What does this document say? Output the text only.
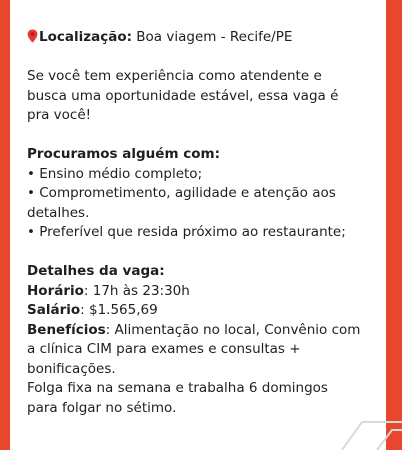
Localização: Boa viagem - Recife/PE
Se você tem experiência como atendente e
busca uma oportunidade estável, essa vaga é
pra você!
Procuramos alguém com:
• Ensino médio completo;
• Comprometimento, agilidade e atenção aos
detalhes.
• Preferível que resida próximo ao restaurante;
Detalhes da vaga:
Horário: 17h às 23:30h
Salário: $1.565,69
Benefícios: Alimentação no local, Convênio com
a clínica CIM para exames e consultas +
bonificações.
Folga fixa na semana e trabalha 6 domingos
para folgar no sétimo.
